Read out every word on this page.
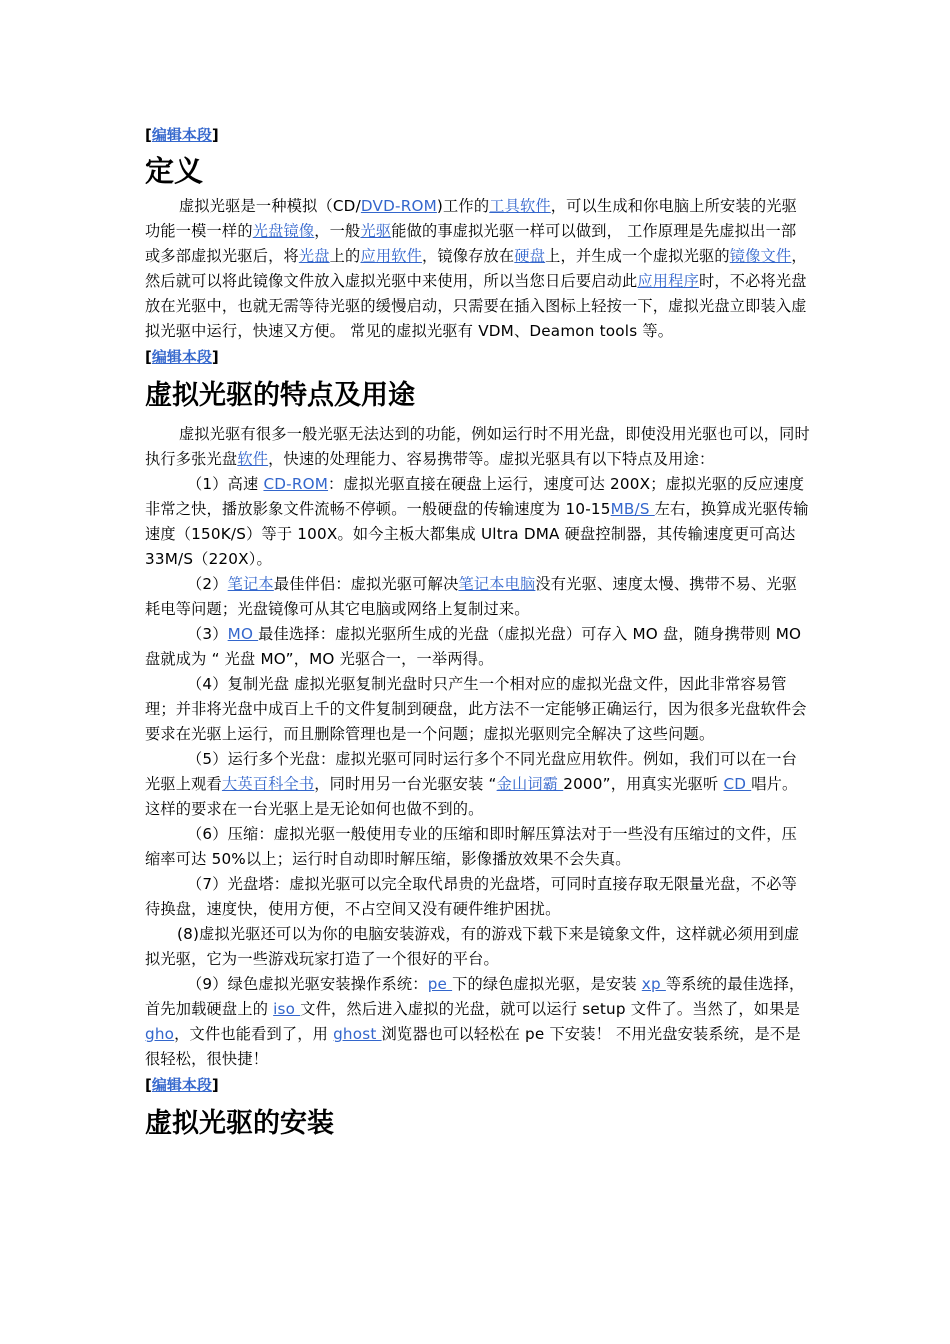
[编辑本段]
定义

虚拟光驱是一种模拟（CD/DVD-ROM)工作的工具软件，可以生成和你电脑上所安装的光驱功能一模一样的光盘镜像，一般光驱能做的事虚拟光驱一样可以做到， 工作原理是先虚拟出一部或多部虚拟光驱后，将光盘上的应用软件，镜像存放在硬盘上，并生成一个虚拟光驱的镜像文件，然后就可以将此镜像文件放入虚拟光驱中来使用，所以当您日后要启动此应用程序时，不必将光盘放在光驱中，也就无需等待光驱的缓慢启动，只需要在插入图标上轻按一下，虚拟光盘立即装入虚拟光驱中运行，快速又方便。 常见的虚拟光驱有 VDM、Deamon tools 等。

[编辑本段]
虚拟光驱的特点及用途

虚拟光驱有很多一般光驱无法达到的功能，例如运行时不用光盘，即使没用光驱也可以，同时执行多张光盘软件，快速的处理能力、容易携带等。虚拟光驱具有以下特点及用途：

（1）高速 CD-ROM：虚拟光驱直接在硬盘上运行，速度可达 200X；虚拟光驱的反应速度非常之快，播放影象文件流畅不停顿。一般硬盘的传输速度为 10-15MB/S 左右，换算成光驱传输速度（150K/S）等于 100X。如今主板大都集成 Ultra DMA 硬盘控制器，其传输速度更可高达 33M/S（220X）。

（2）笔记本最佳伴侣：虚拟光驱可解决笔记本电脑没有光驱、速度太慢、携带不易、光驱耗电等问题；光盘镜像可从其它电脑或网络上复制过来。

（3）MO 最佳选择：虚拟光驱所生成的光盘（虚拟光盘）可存入 MO 盘，随身携带则 MO 盘就成为 “ 光盘 MO”，MO 光驱合一，一举两得。

（4）复制光盘 虚拟光驱复制光盘时只产生一个相对应的虚拟光盘文件，因此非常容易管理；并非将光盘中成百上千的文件复制到硬盘，此方法不一定能够正确运行，因为很多光盘软件会要求在光驱上运行，而且删除管理也是一个问题；虚拟光驱则完全解决了这些问题。

（5）运行多个光盘：虚拟光驱可同时运行多个不同光盘应用软件。例如，我们可以在一台光驱上观看大英百科全书，同时用另一台光驱安装 “金山词霸 2000”，用真实光驱听 CD 唱片。这样的要求在一台光驱上是无论如何也做不到的。

（6）压缩：虚拟光驱一般使用专业的压缩和即时解压算法对于一些没有压缩过的文件，压缩率可达 50%以上；运行时自动即时解压缩，影像播放效果不会失真。

（7）光盘塔：虚拟光驱可以完全取代昂贵的光盘塔，可同时直接存取无限量光盘，不必等待换盘，速度快，使用方便，不占空间又没有硬件维护困扰。

(8)虚拟光驱还可以为你的电脑安装游戏，有的游戏下载下来是镜象文件，这样就必须用到虚拟光驱，它为一些游戏玩家打造了一个很好的平台。

（9）绿色虚拟光驱安装操作系统：pe 下的绿色虚拟光驱，是安装 xp 等系统的最佳选择，首先加载硬盘上的 iso 文件，然后进入虚拟的光盘，就可以运行 setup 文件了。当然了，如果是 gho，文件也能看到了，用 ghost 浏览器也可以轻松在 pe 下安装！ 不用光盘安装系统，是不是很轻松，很快捷！

[编辑本段]
虚拟光驱的安装
